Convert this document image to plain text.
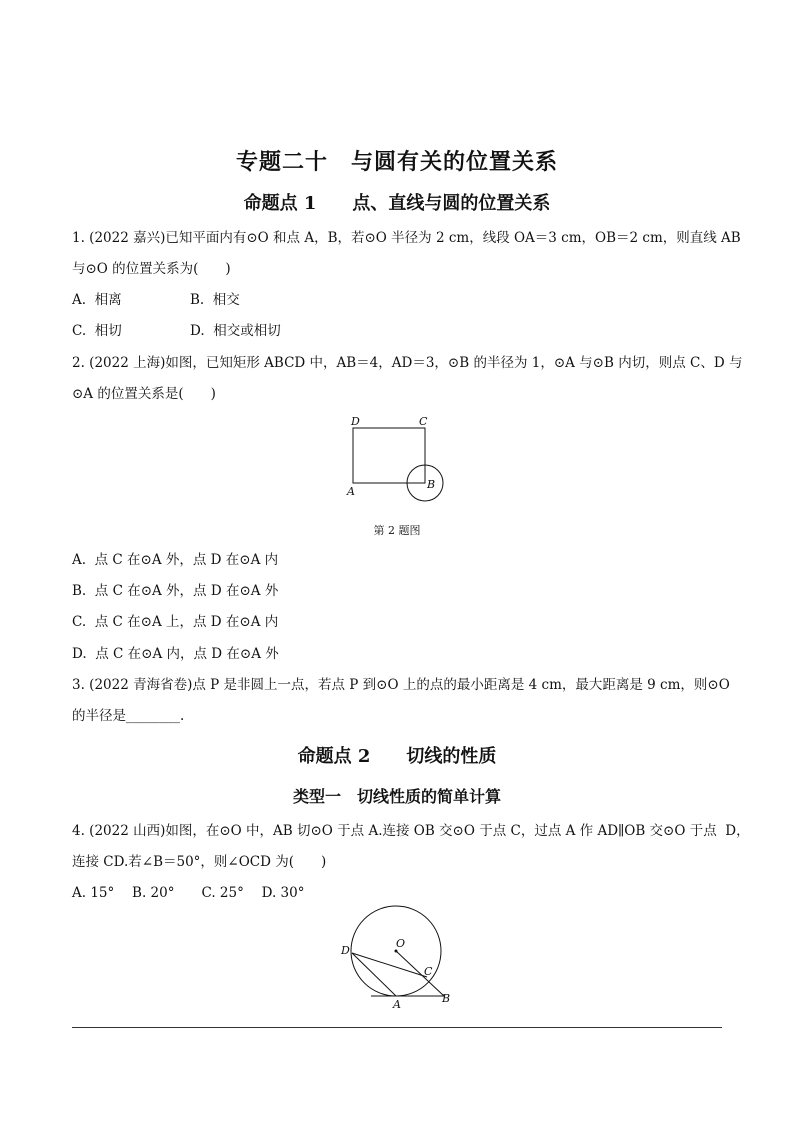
专题二十　与圆有关的位置关系
命题点 1　　点、直线与圆的位置关系
1. (2022 嘉兴)已知平面内有⊙O 和点 A，B，若⊙O 半径为 2 cm，线段 OA＝3 cm，OB＝2 cm，则直线 AB
与⊙O 的位置关系为(　　)
A.  相离	B.  相交
C.  相切	D.  相交或相切
2. (2022 上海)如图，已知矩形 ABCD 中，AB＝4，AD＝3，⊙B 的半径为 1，⊙A 与⊙B 内切，则点 C、D 与
⊙A 的位置关系是(　　)
D	C
A
B
第 2 题图
A.  点 C 在⊙A 外，点 D 在⊙A 内
B.  点 C 在⊙A 外，点 D 在⊙A 外
C.  点 C 在⊙A 上，点 D 在⊙A 内
D.  点 C 在⊙A 内，点 D 在⊙A 外
3. (2022 青海省卷)点 P 是非圆上一点，若点 P 到⊙O 上的点的最小距离是 4 cm，最大距离是 9 cm，则⊙O
的半径是________.
命题点 2　　切线的性质
类型一　切线性质的简单计算
4. (2022 山西)如图，在⊙O 中，AB 切⊙O 于点 A.连接 OB 交⊙O 于点 C，过点 A 作 AD∥OB 交⊙O 于点  D，
连接 CD.若∠B＝50°，则∠OCD 为(　　)
A. 15°　 B. 20°　　C. 25°　 D. 30°
O
D
C
A	B
